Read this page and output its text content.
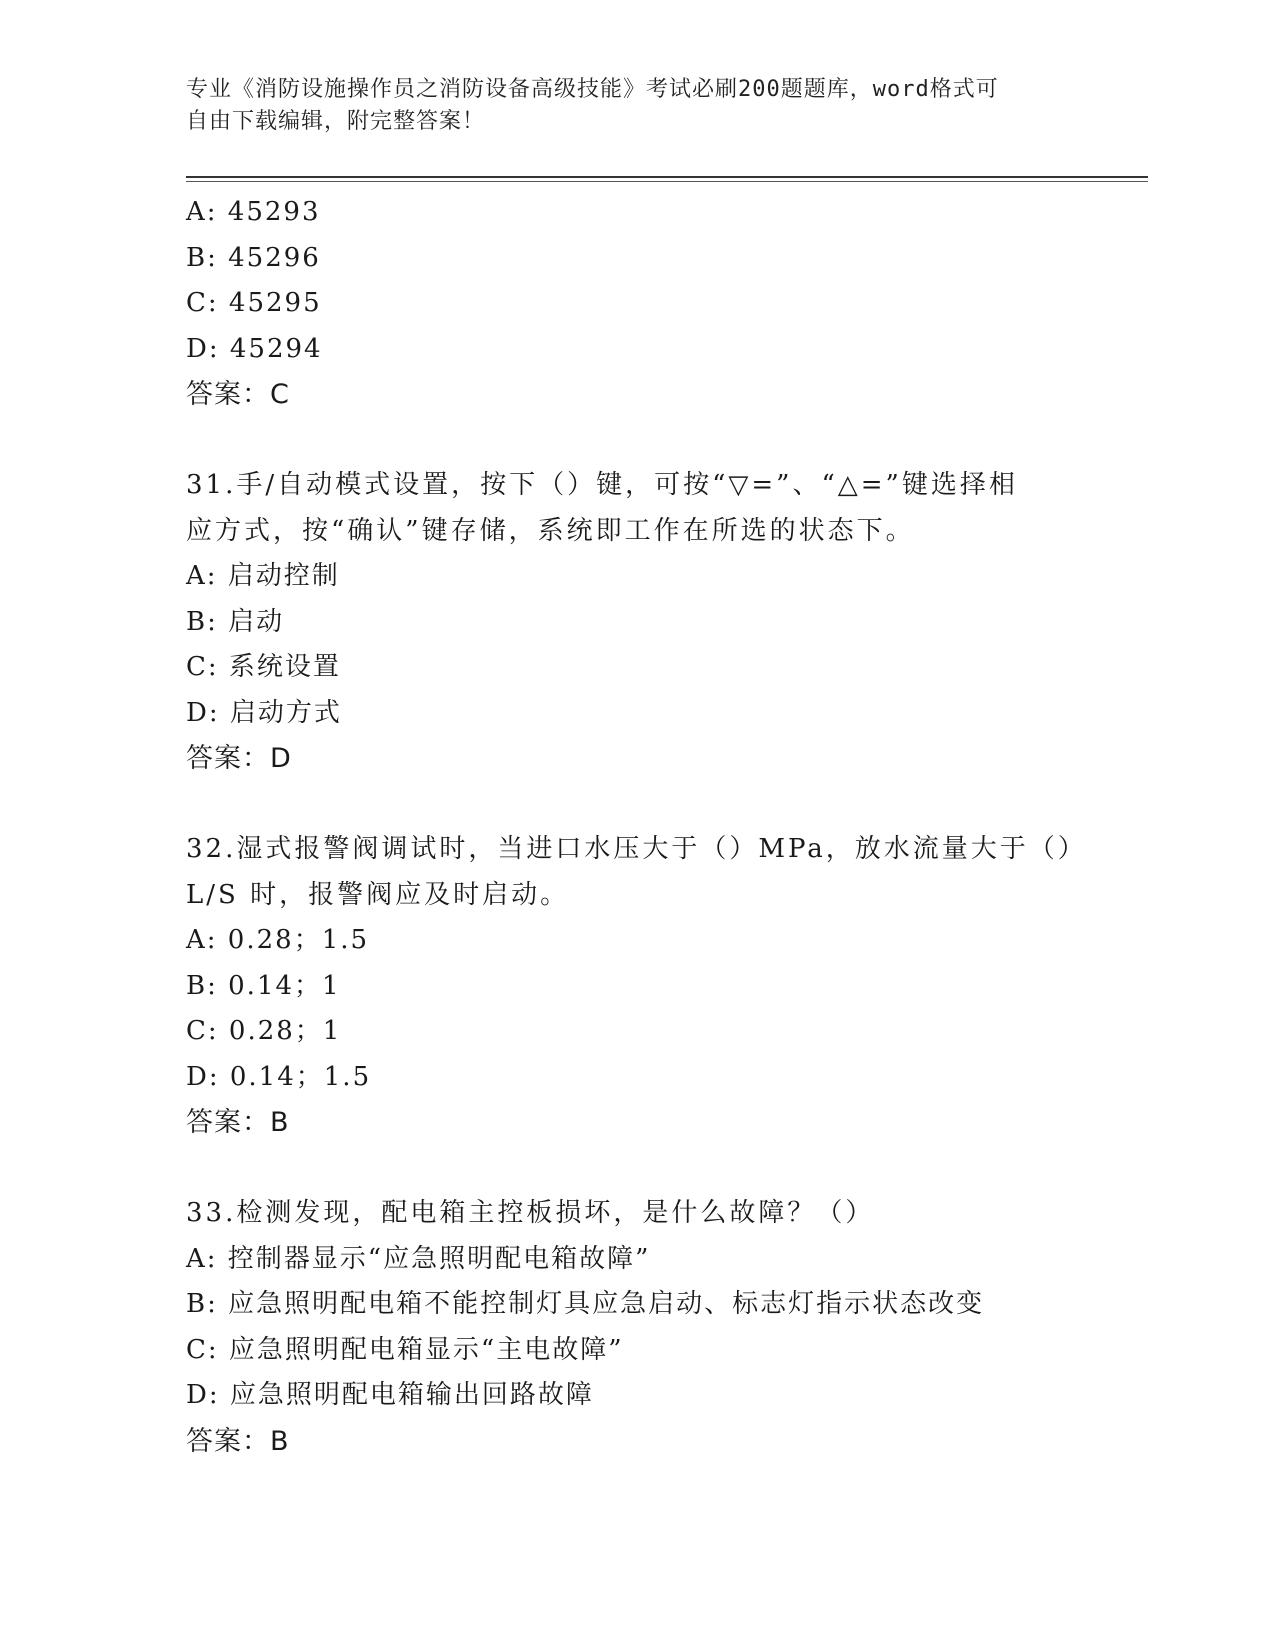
专业《消防设施操作员之消防设备高级技能》考试必刷200题题库，word格式可
自由下载编辑，附完整答案！
A: 45293
B: 45296
C: 45295
D: 45294
答案：C
31.手/自动模式设置，按下（）键，可按“▽=”、“△=”键选择相
应方式，按“确认”键存储，系统即工作在所选的状态下。
A: 启动控制
B: 启动
C: 系统设置
D: 启动方式
答案：D
32.湿式报警阀调试时，当进口水压大于（）MPa，放水流量大于（）
L/S 时，报警阀应及时启动。
A: 0.28；1.5
B: 0.14；1
C: 0.28；1
D: 0.14；1.5
答案：B
33.检测发现，配电箱主控板损坏，是什么故障？（）
A: 控制器显示“应急照明配电箱故障”
B: 应急照明配电箱不能控制灯具应急启动、标志灯指示状态改变
C: 应急照明配电箱显示“主电故障”
D: 应急照明配电箱输出回路故障
答案：B
